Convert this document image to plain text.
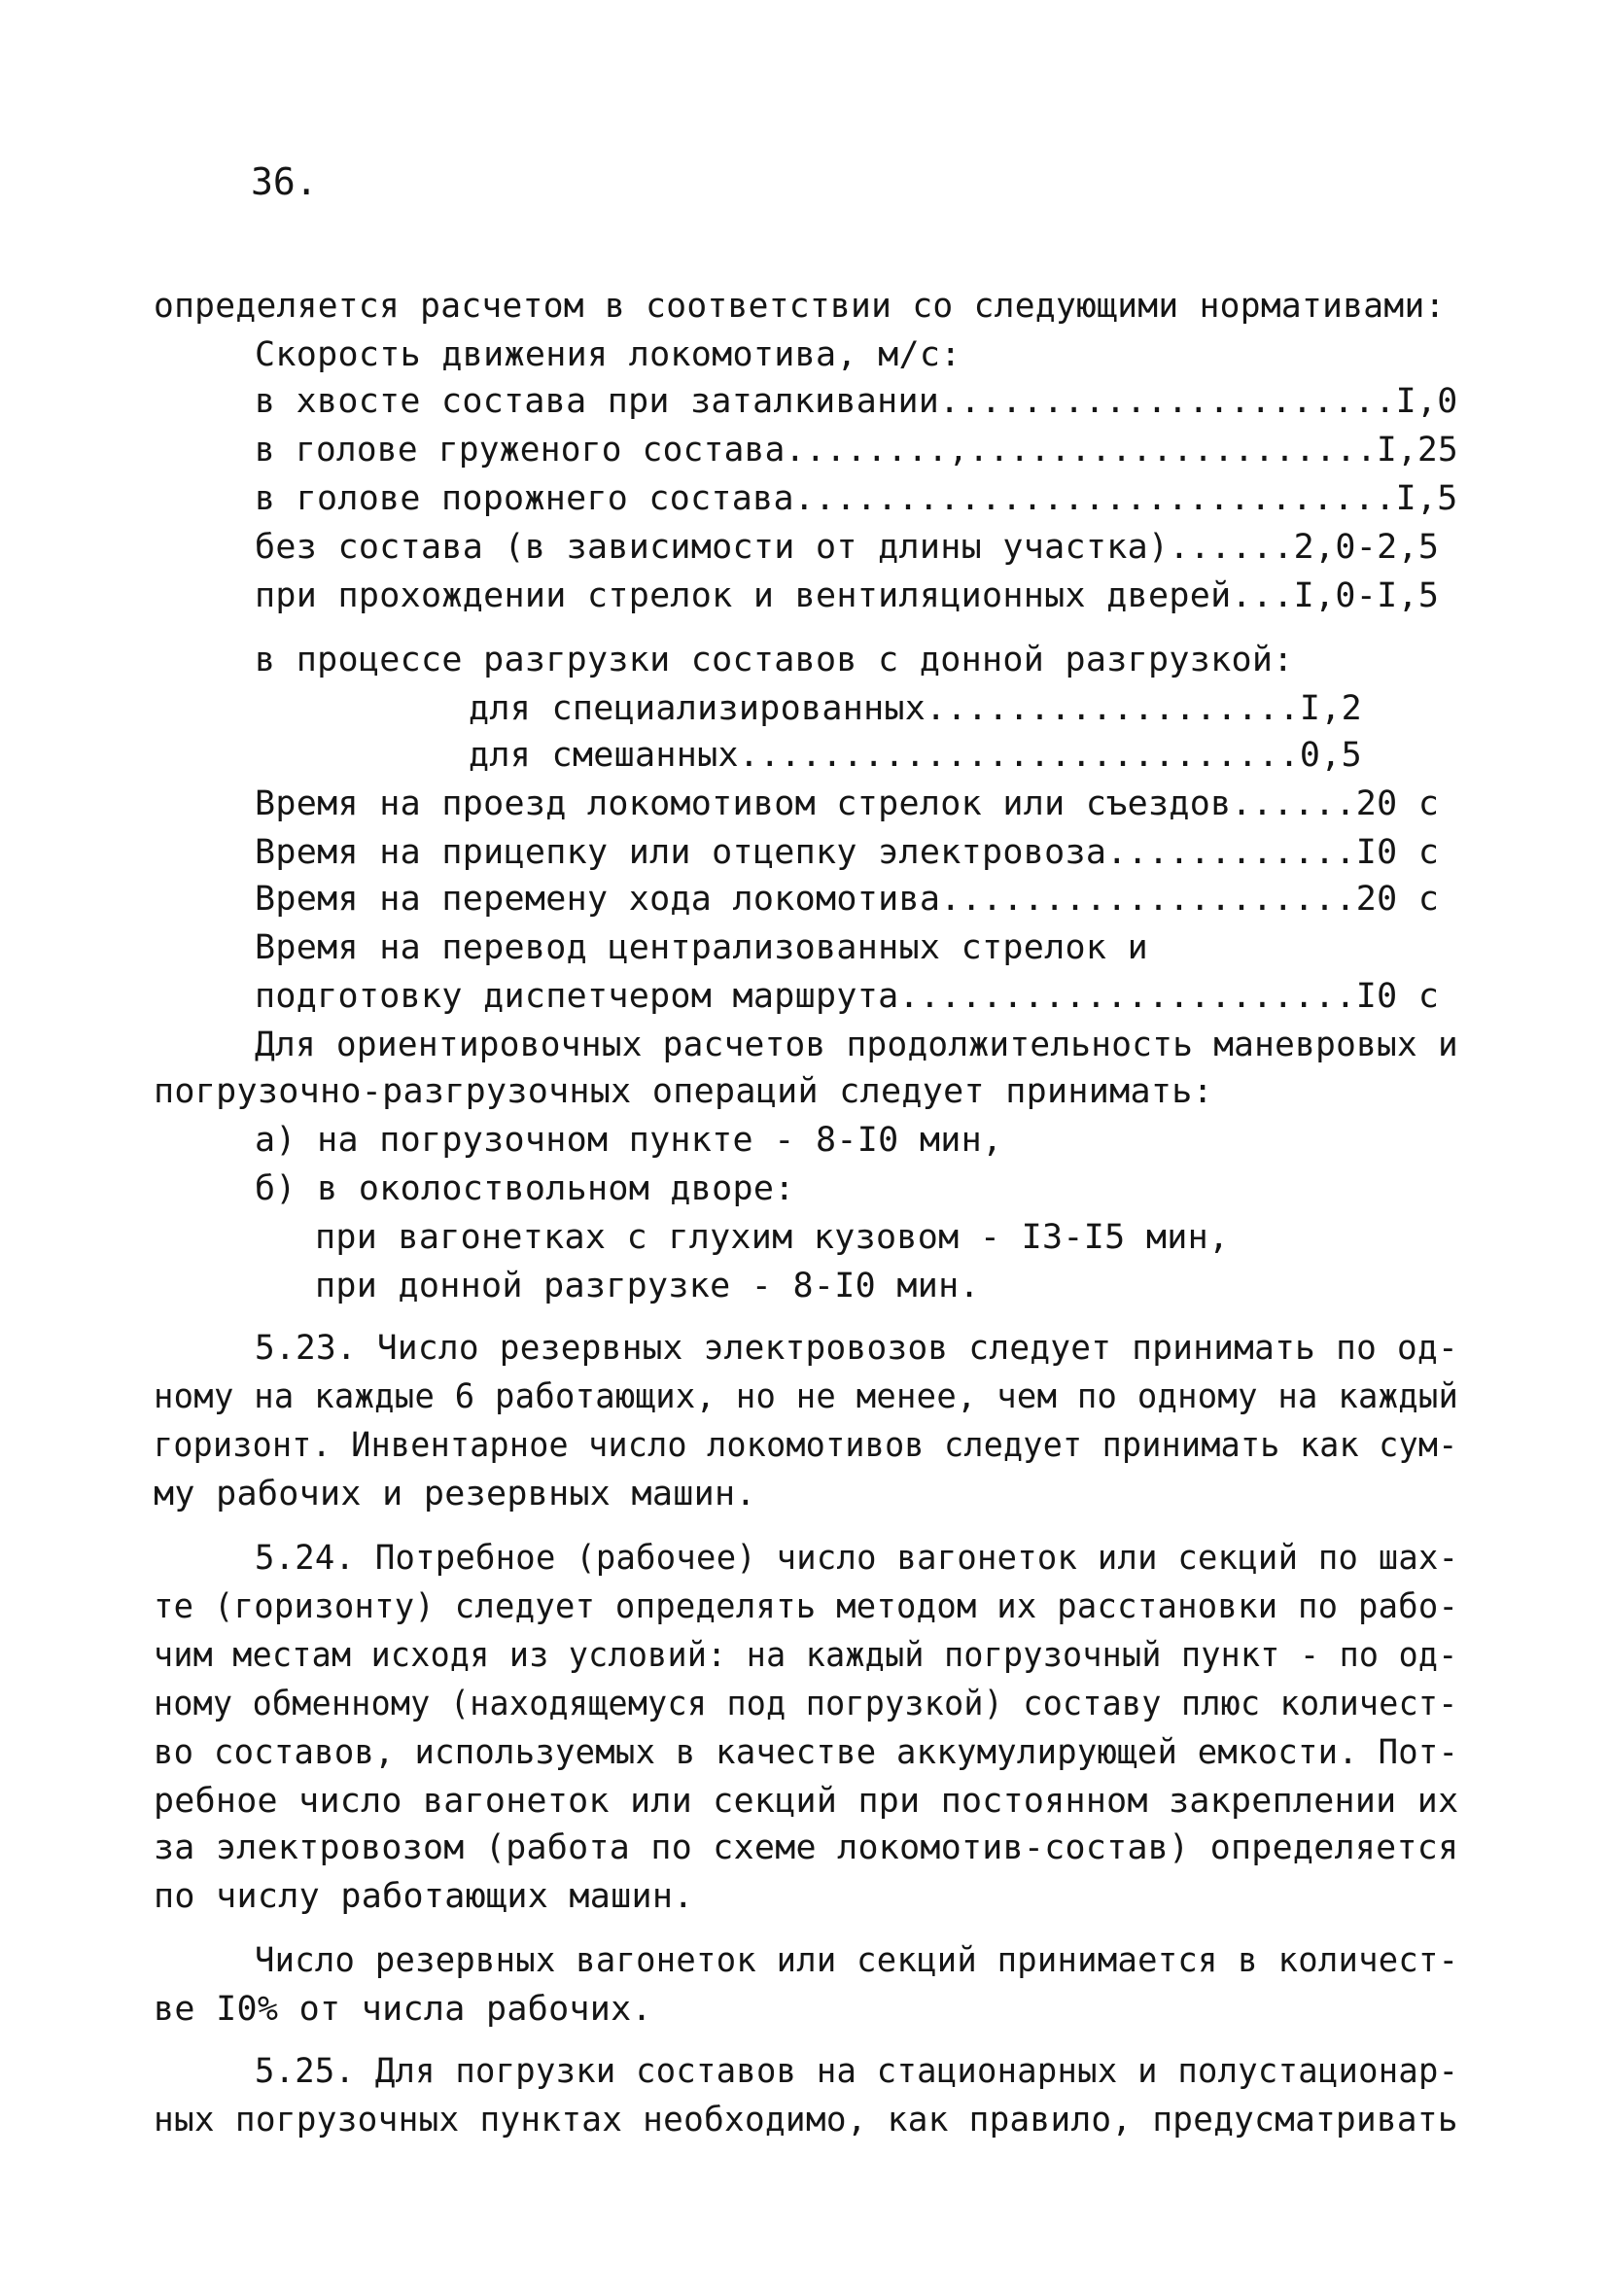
36.
определяется расчетом в соответствии со следующими нормативами:
Скорость движения локомотива, м/с:
в хвосте состава при заталкивании......................I,0
в голове груженого состава........,....................I,25
в голове порожнего состава.............................I,5
без состава (в зависимости от длины участка)......2,0-2,5
при прохождении стрелок и вентиляционных дверей...I,0-I,5
в процессе разгрузки составов с донной разгрузкой:
для специализированных..................I,2
для смешанных...........................0,5
Время на проезд локомотивом стрелок или съездов......20 с
Время на прицепку или отцепку электровоза............I0 с
Время на перемену хода локомотива....................20 с
Время на перевод централизованных стрелок и
подготовку диспетчером маршрута......................I0 с
Для ориентировочных расчетов продолжительность маневровых и
погрузочно-разгрузочных операций следует принимать:
а) на погрузочном пункте - 8-I0 мин,
б) в околоствольном дворе:
при вагонетках с глухим кузовом - I3-I5 мин,
при донной разгрузке - 8-I0 мин.
5.23. Число резервных электровозов следует принимать по од-
ному на каждые 6 работающих, но не менее, чем по одному на каждый
горизонт. Инвентарное число локомотивов следует принимать как сум-
му рабочих и резервных машин.
5.24. Потребное (рабочее) число вагонеток или секций по шах-
те (горизонту) следует определять методом их расстановки по рабо-
чим местам исходя из условий: на каждый погрузочный пункт - по од-
ному обменному (находящемуся под погрузкой) составу плюс количест-
во составов, используемых в качестве аккумулирующей емкости. Пот-
ребное число вагонеток или секций при постоянном закреплении их
за электровозом (работа по схеме локомотив-состав) определяется
по числу работающих машин.
Число резервных вагонеток или секций принимается в количест-
ве I0% от числа рабочих.
5.25. Для погрузки составов на стационарных и полустационар-
ных погрузочных пунктах необходимо, как правило, предусматривать
